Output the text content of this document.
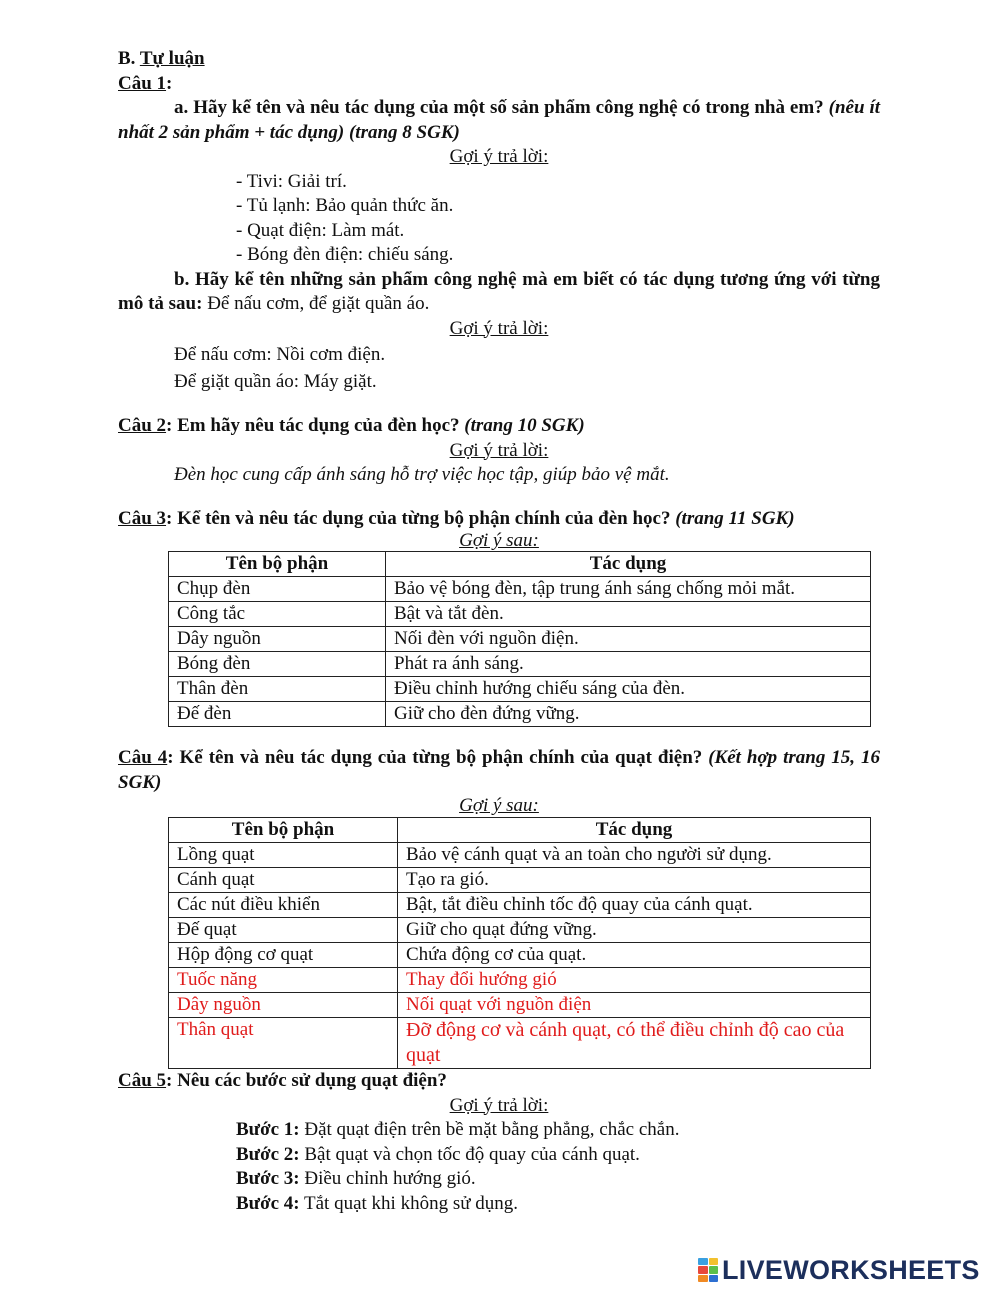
B. Tự luận

Câu 1:

a. Hãy kể tên và nêu tác dụng của một số sản phẩm công nghệ có trong nhà em? (nêu ít nhất 2 sản phẩm + tác dụng) (trang 8 SGK)

Gợi ý trả lời:

- Tivi: Giải trí.

- Tủ lạnh: Bảo quản thức ăn.

- Quạt điện: Làm mát.

- Bóng đèn điện: chiếu sáng.

b. Hãy kể tên những sản phẩm công nghệ mà em biết có tác dụng tương ứng với từng mô tả sau: Để nấu cơm, để giặt quần áo.

Gợi ý trả lời:

Để nấu cơm: Nồi cơm điện.

Để giặt quần áo: Máy giặt.

Câu 2: Em hãy nêu tác dụng của đèn học? (trang 10 SGK)

Gợi ý trả lời:

Đèn học cung cấp ánh sáng hỗ trợ việc học tập, giúp bảo vệ mắt.

Câu 3: Kể tên và nêu tác dụng của từng bộ phận chính của đèn học? (trang 11 SGK)

Gợi ý sau:

Tên bộ phận	Tác dụng
Chụp đèn	Bảo vệ bóng đèn, tập trung ánh sáng chống mỏi mắt.
Công tắc	Bật và tắt đèn.
Dây nguồn	Nối đèn với nguồn điện.
Bóng đèn	Phát ra ánh sáng.
Thân đèn	Điều chỉnh hướng chiếu sáng của đèn.
Đế đèn	Giữ cho đèn đứng vững.

Câu 4: Kể tên và nêu tác dụng của từng bộ phận chính của quạt điện? (Kết hợp trang 15, 16 SGK)

Gợi ý sau:

Tên bộ phận	Tác dụng
Lồng quạt	Bảo vệ cánh quạt và an toàn cho người sử dụng.
Cánh quạt	Tạo ra gió.
Các nút điều khiển	Bật, tắt điều chỉnh tốc độ quay của cánh quạt.
Đế quạt	Giữ cho quạt đứng vững.
Hộp động cơ quạt	Chứa động cơ của quạt.
Tuốc năng	Thay đổi hướng gió
Dây nguồn	Nối quạt với nguồn điện
Thân quạt	Đỡ động cơ và cánh quạt, có thể điều chỉnh độ cao của quạt

Câu 5: Nêu các bước sử dụng quạt điện?

Gợi ý trả lời:

Bước 1: Đặt quạt điện trên bề mặt bằng phẳng, chắc chắn.

Bước 2: Bật quạt và chọn tốc độ quay của cánh quạt.

Bước 3: Điều chỉnh hướng gió.

Bước 4: Tắt quạt khi không sử dụng.

LIVEWORKSHEETS
